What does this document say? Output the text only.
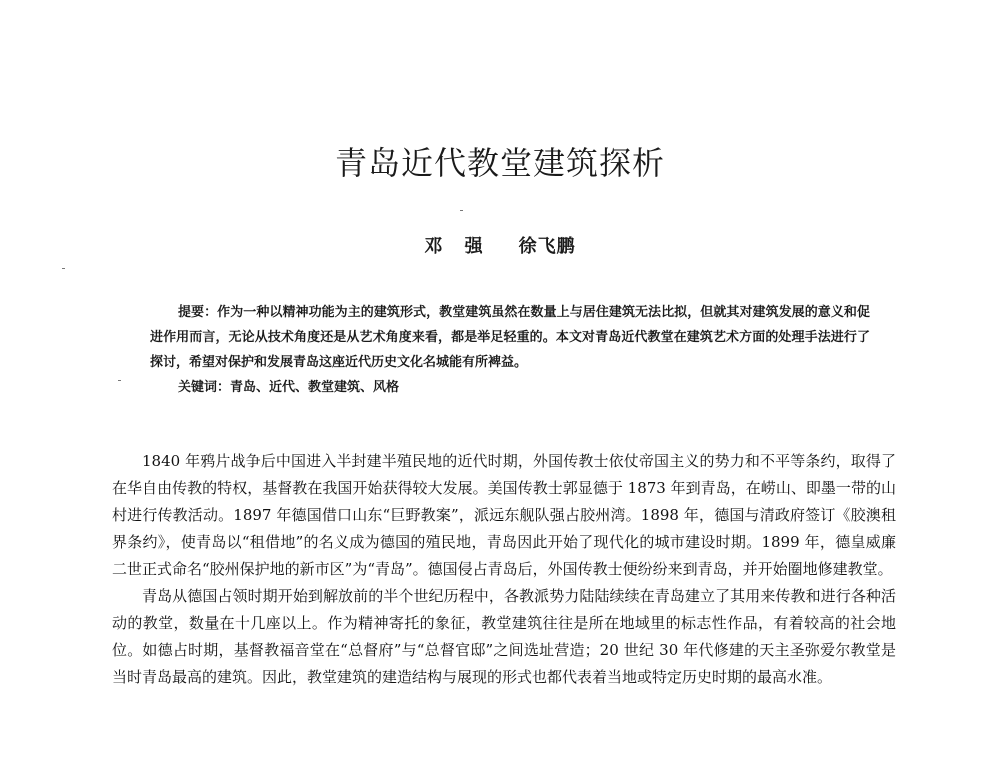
青岛近代教堂建筑探析
邓 强 徐飞鹏

提要：作为一种以精神功能为主的建筑形式，教堂建筑虽然在数量上与居住建筑无法比拟，但就其对建筑发展的意义和促进作用而言，无论从技术角度还是从艺术角度来看，都是举足轻重的。本文对青岛近代教堂在建筑艺术方面的处理手法进行了探讨，希望对保护和发展青岛这座近代历史文化名城能有所裨益。

关键词：青岛、近代、教堂建筑、风格

1840 年鸦片战争后中国进入半封建半殖民地的近代时期，外国传教士依仗帝国主义的势力和不平等条约，取得了在华自由传教的特权，基督教在我国开始获得较大发展。美国传教士郭显德于 1873 年到青岛，在崂山、即墨一带的山村进行传教活动。1897 年德国借口山东“巨野教案”，派远东舰队强占胶州湾。1898 年，德国与清政府签订《胶澳租界条约》，使青岛以“租借地”的名义成为德国的殖民地，青岛因此开始了现代化的城市建设时期。1899 年，德皇威廉二世正式命名“胶州保护地的新市区”为“青岛”。德国侵占青岛后，外国传教士便纷纷来到青岛，并开始圈地修建教堂。

青岛从德国占领时期开始到解放前的半个世纪历程中，各教派势力陆陆续续在青岛建立了其用来传教和进行各种活动的教堂，数量在十几座以上。作为精神寄托的象征，教堂建筑往往是所在地域里的标志性作品，有着较高的社会地位。如德占时期，基督教福音堂在“总督府”与“总督官邸”之间选址营造；20 世纪 30 年代修建的天主圣弥爱尔教堂是当时青岛最高的建筑。因此，教堂建筑的建造结构与展现的形式也都代表着当地或特定历史时期的最高水准。
